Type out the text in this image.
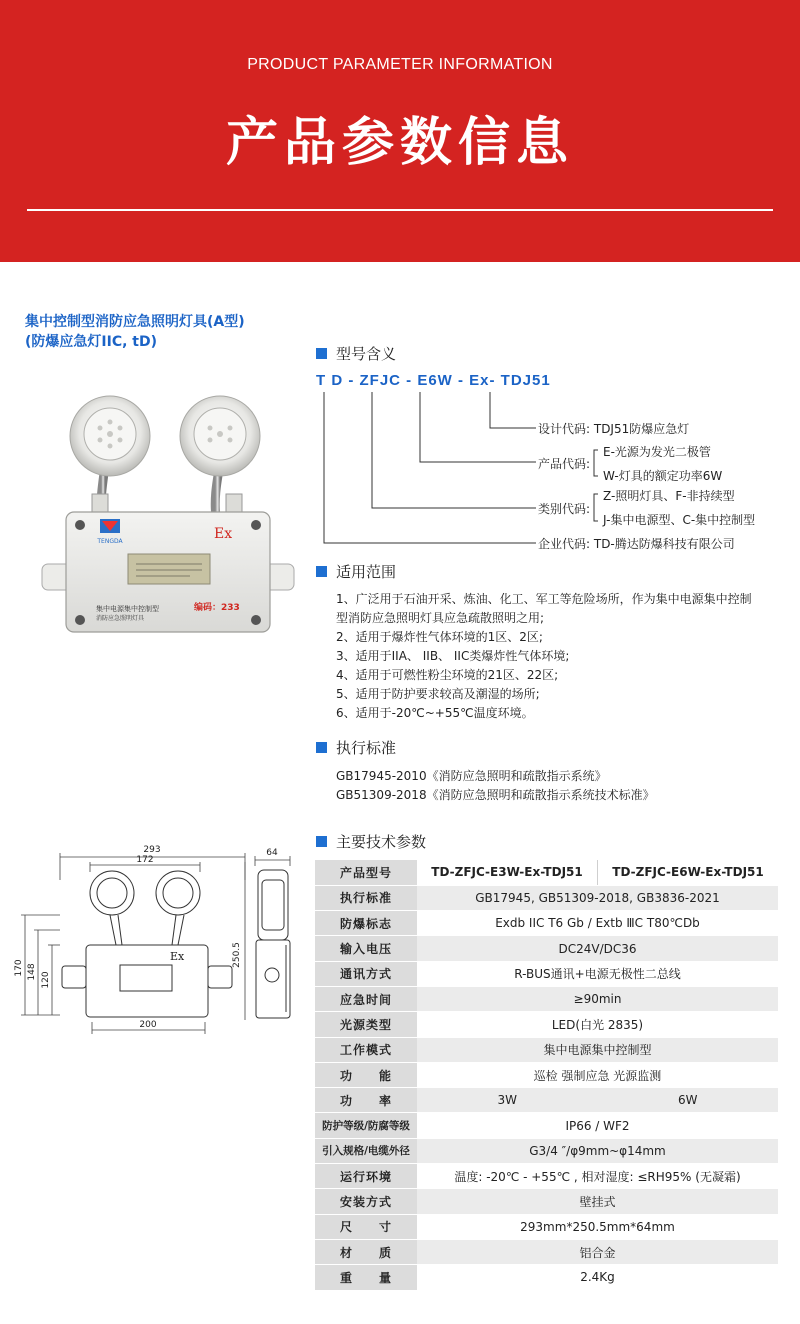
PRODUCT PARAMETER INFORMATION
产品参数信息
集中控制型消防应急照明灯具(A型)
(防爆应急灯IIC, tD)
TENGDA	Ex
集中电源集中控制型
消防应急照明灯具
编码：233
型号含义
T D - ZFJC - E6W - Ex- TDJ51
设计代码: TDJ51防爆应急灯
产品代码:
E-光源为发光二极管
W-灯具的额定功率6W
类别代码:
Z-照明灯具、F-非持续型
J-集中电源型、C-集中控制型
企业代码: TD-腾达防爆科技有限公司
适用范围
1、广泛用于石油开采、炼油、化工、军工等危险场所，作为集中电源集中控制
型消防应急照明灯具应急疏散照明之用;
2、适用于爆炸性气体环境的1区、2区;
3、适用于IIA、 IIB、 IIC类爆炸性气体环境;
4、适用于可燃性粉尘环境的21区、22区;
5、适用于防护要求较高及潮湿的场所;
6、适用于-20℃~+55℃温度环境。
执行标准
GB17945-2010《消防应急照明和疏散指示系统》
GB51309-2018《消防应急照明和疏散指示系统技术标准》
Ex
293
172
64
200
250.5
170 148 120
主要技术参数
产品型号	TD-ZFJC-E3W-Ex-TDJ51	TD-ZFJC-E6W-Ex-TDJ51
执行标准	GB17945, GB51309-2018, GB3836-2021	
防爆标志	Exdb IIC T6 Gb / Extb ⅢC T80℃Db	
输入电压	DC24V/DC36	
通讯方式	R-BUS通讯+电源无极性二总线	
应急时间	≥90min	
光源类型	LED(白光 2835)	
工作模式	集中电源集中控制型	
功　　能	巡检 强制应急 光源监测	
功　　率	3W	6W
防护等级/防腐等级	IP66 / WF2	
引入规格/电缆外径	G3/4 ″/φ9mm~φ14mm	
运行环境	温度: -20℃ - +55℃ , 相对湿度: ≤RH95% (无凝霜)	
安装方式	壁挂式	
尺　　寸	293mm*250.5mm*64mm	
材　　质	铝合金	
重　　量	2.4Kg	
